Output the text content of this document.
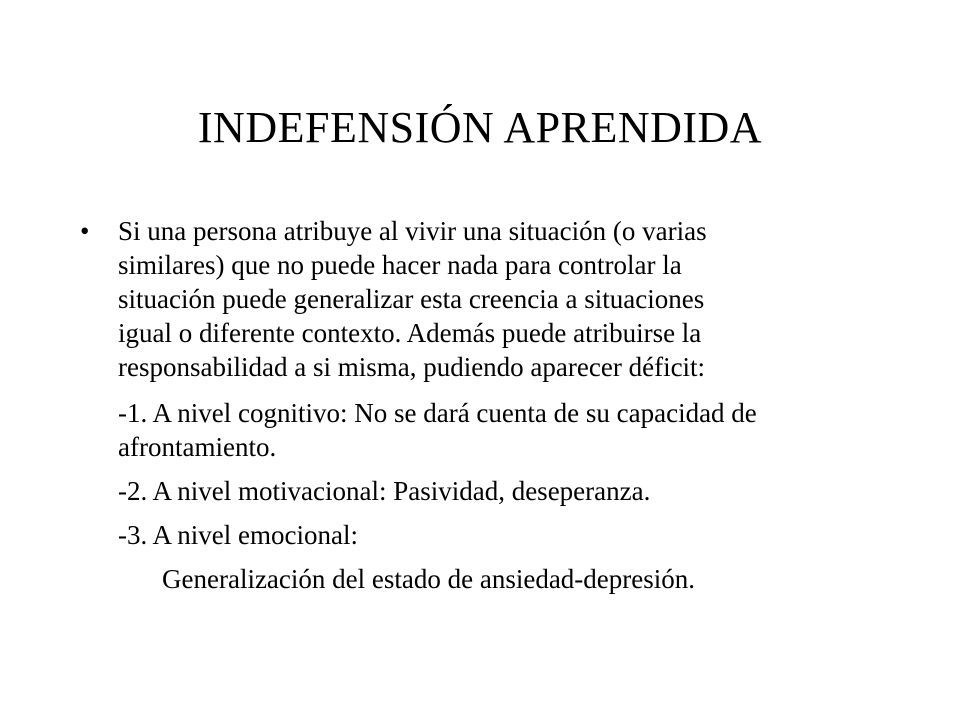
INDEFENSIÓN APRENDIDA
• Si una persona atribuye al vivir una situación (o varias
similares) que no puede hacer nada para controlar la
situación puede generalizar esta creencia a situaciones
igual o diferente contexto. Además puede atribuirse la
responsabilidad a si misma, pudiendo aparecer déficit:
-1. A nivel cognitivo: No se dará cuenta de su capacidad de
afrontamiento.
-2. A nivel motivacional: Pasividad, deseperanza.
-3. A nivel emocional:
Generalización del estado de ansiedad-depresión.
